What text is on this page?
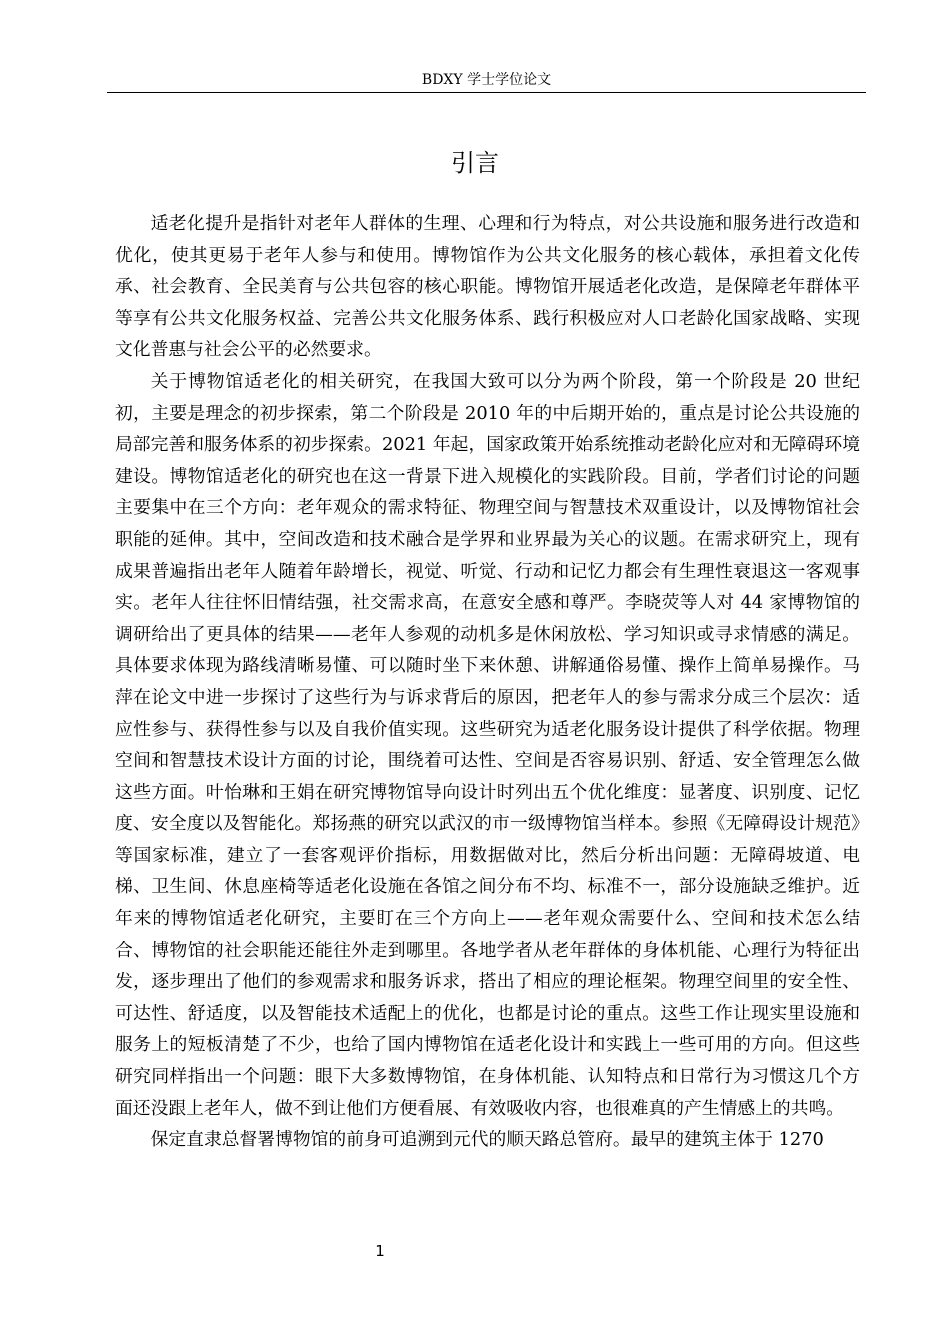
BDXY 学士学位论文
引言

适老化提升是指针对老年人群体的生理、心理和行为特点，对公共设施和服务进行改造和优化，使其更易于老年人参与和使用。博物馆作为公共文化服务的核心载体，承担着文化传承、社会教育、全民美育与公共包容的核心职能。博物馆开展适老化改造，是保障老年群体平等享有公共文化服务权益、完善公共文化服务体系、践行积极应对人口老龄化国家战略、实现文化普惠与社会公平的必然要求。

关于博物馆适老化的相关研究，在我国大致可以分为两个阶段，第一个阶段是 20 世纪初，主要是理念的初步探索，第二个阶段是 2010 年的中后期开始的，重点是讨论公共设施的局部完善和服务体系的初步探索。2021 年起，国家政策开始系统推动老龄化应对和无障碍环境建设。博物馆适老化的研究也在这一背景下进入规模化的实践阶段。目前，学者们讨论的问题主要集中在三个方向：老年观众的需求特征、物理空间与智慧技术双重设计，以及博物馆社会职能的延伸。其中，空间改造和技术融合是学界和业界最为关心的议题。在需求研究上，现有成果普遍指出老年人随着年龄增长，视觉、听觉、行动和记忆力都会有生理性衰退这一客观事实。老年人往往怀旧情结强，社交需求高，在意安全感和尊严。李晓荧等人对 44 家博物馆的调研给出了更具体的结果——老年人参观的动机多是休闲放松、学习知识或寻求情感的满足。具体要求体现为路线清晰易懂、可以随时坐下来休憩、讲解通俗易懂、操作上简单易操作。马萍在论文中进一步探讨了这些行为与诉求背后的原因，把老年人的参与需求分成三个层次：适应性参与、获得性参与以及自我价值实现。这些研究为适老化服务设计提供了科学依据。物理空间和智慧技术设计方面的讨论，围绕着可达性、空间是否容易识别、舒适、安全管理怎么做这些方面。叶怡琳和王娟在研究博物馆导向设计时列出五个优化维度：显著度、识别度、记忆度、安全度以及智能化。郑扬燕的研究以武汉的市一级博物馆当样本。参照《无障碍设计规范》等国家标准，建立了一套客观评价指标，用数据做对比，然后分析出问题：无障碍坡道、电梯、卫生间、休息座椅等适老化设施在各馆之间分布不均、标准不一，部分设施缺乏维护。近年来的博物馆适老化研究，主要盯在三个方向上——老年观众需要什么、空间和技术怎么结合、博物馆的社会职能还能往外走到哪里。各地学者从老年群体的身体机能、心理行为特征出发，逐步理出了他们的参观需求和服务诉求，搭出了相应的理论框架。物理空间里的安全性、可达性、舒适度，以及智能技术适配上的优化，也都是讨论的重点。这些工作让现实里设施和服务上的短板清楚了不少，也给了国内博物馆在适老化设计和实践上一些可用的方向。但这些研究同样指出一个问题：眼下大多数博物馆，在身体机能、认知特点和日常行为习惯这几个方面还没跟上老年人，做不到让他们方便看展、有效吸收内容，也很难真的产生情感上的共鸣。

保定直隶总督署博物馆的前身可追溯到元代的顺天路总管府。最早的建筑主体于 1270

1
